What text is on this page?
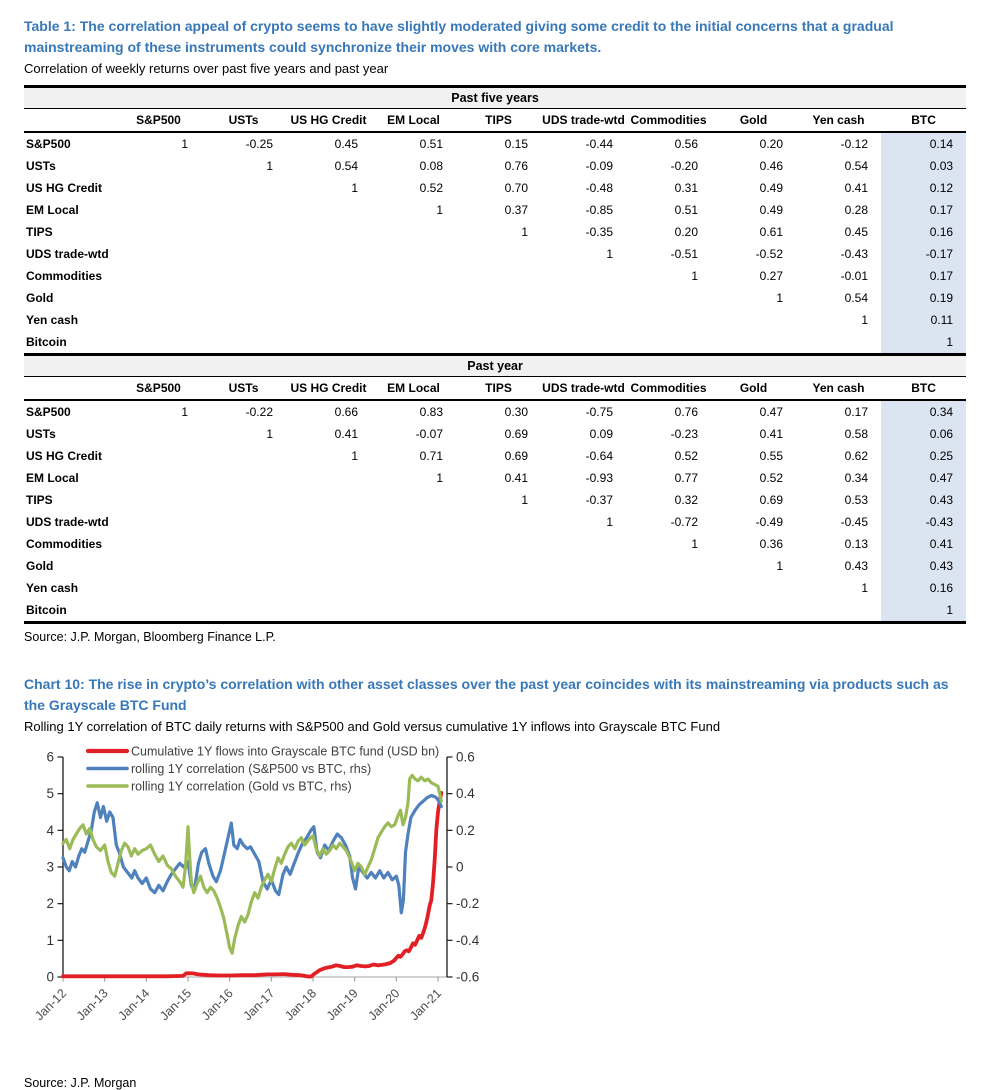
Table 1: The correlation appeal of crypto seems to have slightly moderated giving some credit to the initial concerns that a gradual mainstreaming of these instruments could synchronize their moves with core markets.

Correlation of weekly returns over past five years and past year

Past five years										
	S&P500	USTs	US HG Credit	EM Local	TIPS	UDS trade-wtd	Commodities	Gold	Yen cash	BTC
S&P500	1	-0.25	0.45	0.51	0.15	-0.44	0.56	0.20	-0.12	0.14
USTs		1	0.54	0.08	0.76	-0.09	-0.20	0.46	0.54	0.03
US HG Credit			1	0.52	0.70	-0.48	0.31	0.49	0.41	0.12
EM Local				1	0.37	-0.85	0.51	0.49	0.28	0.17
TIPS					1	-0.35	0.20	0.61	0.45	0.16
UDS trade-wtd						1	-0.51	-0.52	-0.43	-0.17
Commodities							1	0.27	-0.01	0.17
Gold								1	0.54	0.19
Yen cash									1	0.11
Bitcoin										1
Past year										
	S&P500	USTs	US HG Credit	EM Local	TIPS	UDS trade-wtd	Commodities	Gold	Yen cash	BTC
S&P500	1	-0.22	0.66	0.83	0.30	-0.75	0.76	0.47	0.17	0.34
USTs		1	0.41	-0.07	0.69	0.09	-0.23	0.41	0.58	0.06
US HG Credit			1	0.71	0.69	-0.64	0.52	0.55	0.62	0.25
EM Local				1	0.41	-0.93	0.77	0.52	0.34	0.47
TIPS					1	-0.37	0.32	0.69	0.53	0.43
UDS trade-wtd						1	-0.72	-0.49	-0.45	-0.43
Commodities							1	0.36	0.13	0.41
Gold								1	0.43	0.43
Yen cash									1	0.16
Bitcoin										1

Source: J.P. Morgan, Bloomberg Finance L.P.

Chart 10: The rise in crypto’s correlation with other asset classes over the past year coincides with its mainstreaming via products such as the Grayscale BTC Fund

Rolling 1Y correlation of BTC daily returns with S&P500 and Gold versus cumulative 1Y inflows into Grayscale BTC Fund

Jan-12 Jan-13 Jan-14 Jan-15 Jan-16 Jan-17 Jan-18 Jan-19 Jan-20 Jan-21
6
5
4
3
2
1
0
0.6
0.4
0.2
0
-0.2
-0.4
-0.6
Cumulative 1Y flows into Grayscale BTC fund (USD bn)
rolling 1Y correlation (S&P500 vs BTC, rhs)
rolling 1Y correlation (Gold vs BTC, rhs)

Source: J.P. Morgan
